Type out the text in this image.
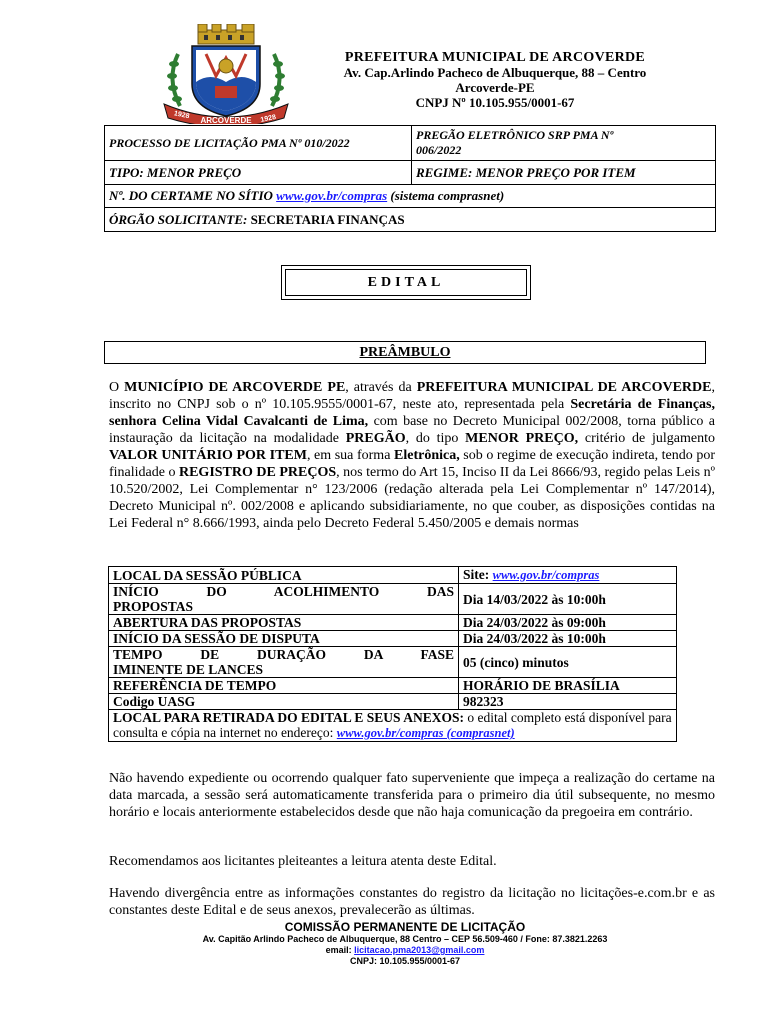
1928
ARCOVERDE 1928
PREFEITURA MUNICIPAL DE ARCOVERDE
Av. Cap.Arlindo Pacheco de Albuquerque, 88 – Centro
Arcoverde-PE
CNPJ Nº 10.105.955/0001-67
PROCESSO DE LICITAÇÃO PMA Nº 010/2022	PREGÃO ELETRÔNICO SRP PMA Nº
006/2022

TIPO: MENOR PREÇO	REGIME: MENOR PREÇO POR ITEM
Nº. DO CERTAME NO SÍTIO www.gov.br/compras (sistema comprasnet)	
ÓRGÃO SOLICITANTE: SECRETARIA FINANÇAS	
EDITAL
PREÂMBULO
O MUNICÍPIO DE ARCOVERDE PE, através da PREFEITURA MUNICIPAL DE ARCOVERDE, inscrito no CNPJ sob o nº 10.105.9555/0001-67, neste ato, representada pela Secretária de Finanças, senhora Celina Vidal Cavalcanti de Lima, com base no Decreto Municipal 002/2008, torna público a instauração da licitação na modalidade PREGÃO, do tipo MENOR PREÇO, critério de julgamento VALOR UNITÁRIO POR ITEM, em sua forma Eletrônica, sob o regime de execução indireta, tendo por finalidade o REGISTRO DE PREÇOS, nos termo do Art 15, Inciso II da Lei 8666/93, regido pelas Leis nº 10.520/2002, Lei Complementar n° 123/2006 (redação alterada pela Lei Complementar nº 147/2014), Decreto Municipal nº. 002/2008 e aplicando subsidiariamente, no que couber, as disposições contidas na Lei Federal n° 8.666/1993, ainda pelo Decreto Federal 5.450/2005 e demais normas
LOCAL DA SESSÃO PÚBLICA	Site: www.gov.br/compras

INÍCIO DO ACOLHIMENTO DAS
PROPOSTAS	Dia 14/03/2022 às 10:00h
ABERTURA DAS PROPOSTAS	Dia 24/03/2022 às 09:00h
INÍCIO DA SESSÃO DE DISPUTA	Dia 24/03/2022 às 10:00h

TEMPO DE DURAÇÃO DA FASE
IMINENTE DE LANCES	05 (cinco) minutos
REFERÊNCIA DE TEMPO	HORÁRIO DE BRASÍLIA
Codigo UASG	982323
LOCAL PARA RETIRADA DO EDITAL E SEUS ANEXOS: o edital completo está disponível para consulta e cópia na internet no endereço: www.gov.br/compras (comprasnet)	
Não havendo expediente ou ocorrendo qualquer fato superveniente que impeça a realização do certame na data marcada, a sessão será automaticamente transferida para o primeiro dia útil subsequente, no mesmo horário e locais anteriormente estabelecidos desde que não haja comunicação da pregoeira em contrário.
Recomendamos aos licitantes pleiteantes a leitura atenta deste Edital.
Havendo divergência entre as informações constantes do registro da licitação no licitações-e.com.br e as constantes deste Edital e de seus anexos, prevalecerão as últimas.
COMISSÃO PERMANENTE DE LICITAÇÃO
Av. Capitão Arlindo Pacheco de Albuquerque, 88 Centro – CEP 56.509-460 / Fone: 87.3821.2263
email: licitacao.pma2013@gmail.com
CNPJ: 10.105.955/0001-67
